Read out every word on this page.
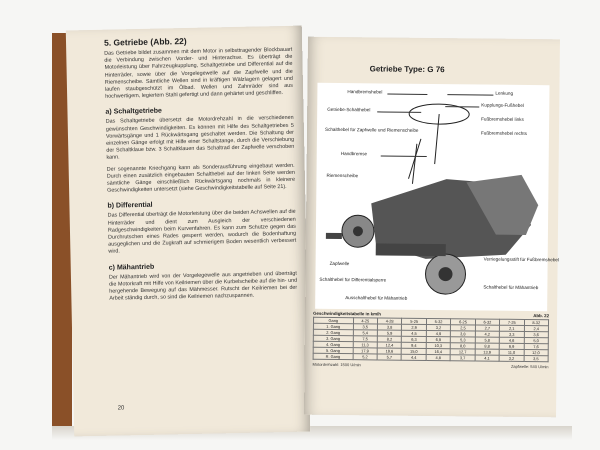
5. Getriebe (Abb. 22)

Das Getriebe bildet zusammen mit dem Motor in selbsttragender Blockbauart die Verbindung zwischen Vorder- und Hinterachse. Es überträgt die Motorleistung über Fahrzeugkupplung, Schaltgetriebe und Differential auf die Hinterräder, sowie über die Vorgelegewelle auf die Zapfwelle und die Riemenscheibe. Sämtliche Wellen sind in kräftigen Wälzlagern gelagert und laufen staubgeschützt im Ölbad. Wellen und Zahnräder sind aus hochwertigem, legiertem Stahl gefertigt und dann gehärtet und geschliffen.

a) Schaltgetriebe

Das Schaltgetriebe übersetzt die Motordrehzahl in die verschiedenen gewünschten Geschwindigkeiten. Es können mit Hilfe des Schaltgetriebes 5 Vorwärtsgänge und 1 Rückwärtsgang geschaltet werden. Die Schaltung der einzelnen Gänge erfolgt mit Hilfe einer Schaltstange, durch die Verschiebung der Schaltklaue bzw. 3 Schaltklauen das Schaltrad der Zapfwelle verschoben kann.

Der sogenannte Kriechgang kann als Sonderausführung eingebaut werden. Durch einen zusätzlich eingebauten Schalthebel auf der linken Seite werden sämtliche Gänge einschließlich Rückwärtsgang nochmals in kleinere Geschwindigkeiten untersetzt (siehe Geschwindigkeitstabelle auf Seite 21).

b) Differential

Das Differential überträgt die Motorleistung über die beiden Achswellen auf die Hinterräder und dient zum Ausgleich der verschiedenen Radgeschwindigkeiten beim Kurvenfahren. Es kann zum Schutze gegen das Durchrutschen eines Rades gesperrt werden, wodurch die Bodenhaftung ausgeglichen und die Zugkraft auf schmierigem Boden wesentlich verbessert wird.

c) Mähantrieb

Der Mähantrieb wird von der Vorgelegewelle aus angetrieben und überträgt die Motorkraft mit Hilfe von Keilriemen über die Kurbelscheibe auf die hin- und hergehende Bewegung auf das Mähmesser. Rutscht der Keilriemen bei der Arbeit ständig durch, so sind die Keilriemen nachzuspannen.

20
Getriebe Type: G 76
Handbremshebel
Getriebe-Schalthebel
Schalthebel für Zapfwelle und Riemenscheibe
Handbremse
Riemenscheibe
Zapfwelle
Schalthebel für Differentialsperre
Ausschalthebel für Mähantrieb
Lenkung
Kupplungs-Fußhebel
Fußbremshebel links
Fußbremshebel rechts
Verriegelungsstift für Fußbremshebel
Schalthebel für Mähantrieb
Geschwindigkeitstabelle in km/h	Abb. 22
Gang	4-25	4-28	5-25	5-32	6-25	6-32	7-25	8-32
1. Gang	3,5	3,8	2,9	3,2	2,5	2,7	2,1	2,4
2. Gang	5,4	5,9	4,5	4,9	3,8	4,2	3,3	3,6
3. Gang	7,5	8,2	6,3	6,9	5,3	5,8	4,6	5,0
4. Gang	11,3	12,4	9,4	10,3	8,0	8,8	6,9	7,6
5. Gang	17,9	19,6	15,0	16,4	12,7	13,9	11,0	12,0
R. Gang	5,2	5,7	4,4	4,8	3,7	4,1	3,2	3,5
Motordrehzahl: 1500 U/min	Zapfwelle: 540 U/min
